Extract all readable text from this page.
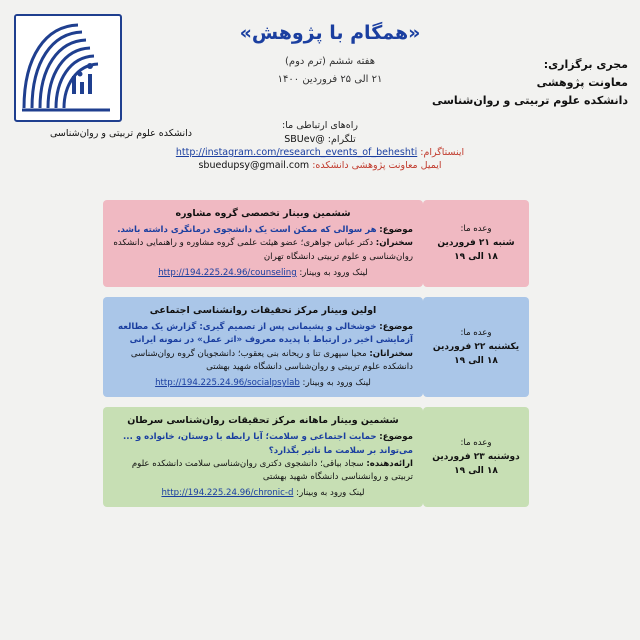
دانشکده علوم تربیتی و روان‌شناسی
«همگام با پژوهش»
هفته ششم (ترم دوم)
۲۱ الی ۲۵ فروردین ۱۴۰۰
مجری برگزاری:
معاونت پژوهشی
دانشکده علوم تربیتی و روان‌شناسی
راه‌های ارتباطی ما:
تلگرام: @SBUev
اینستاگرام: http://instagram.com/research_events_of_beheshti
ایمیل معاونت پژوهشی دانشکده: sbuedupsy@gmail.com
ششمین وبینار تخصصی گروه مشاوره
موضوع: هر سوالی که ممکن است یک دانشجوی درمانگری داشته باشد.
سخنران: دکتر عباس جواهری؛ عضو هیئت علمی گروه مشاوره و راهنمایی دانشکده روان‌شناسی و علوم تربیتی دانشگاه تهران
لینک ورود به وبینار: http://194.225.24.96/counseling
وعده ما:
شنبه ۲۱ فروردین
۱۸ الی ۱۹
اولین وبینار مرکز تحقیقات روانشناسی اجتماعی
موضوع: خوشخالی و پشیمانی پس از تصمیم گیری: گزارش یک مطالعه آزمایشی اخیر در ارتباط با پدیده معروف «اثر عمل» در نمونه ایرانی
سخنرانان: محیا سپهری تنا و ریحانه بنی یعقوب؛ دانشجویان گروه روان‌شناسی دانشکده علوم تربیتی و روان‌شناسی دانشگاه شهید بهشتی
لینک ورود به وبینار: http://194.225.24.96/socialpsylab
وعده ما:
یکشنبه ۲۲ فروردین
۱۸ الی ۱۹
ششمین وبینار ماهانه مرکز تحقیقات روان‌شناسی سرطان
موضوع: حمایت اجتماعی و سلامت؛ آیا رابطه با دوستان، خانواده و ... می‌تواند بر سلامت ما تاثیر بگذارد؟
ارائه‌دهنده: سجاد بیاقی؛ دانشجوی دکتری روان‌شناسی سلامت دانشکده علوم تربیتی و روانشناسی دانشگاه شهید بهشتی
لینک ورود به وبینار: http://194.225.24.96/chronic-d
وعده ما:
دوشنبه ۲۳ فروردین
۱۸ الی ۱۹
